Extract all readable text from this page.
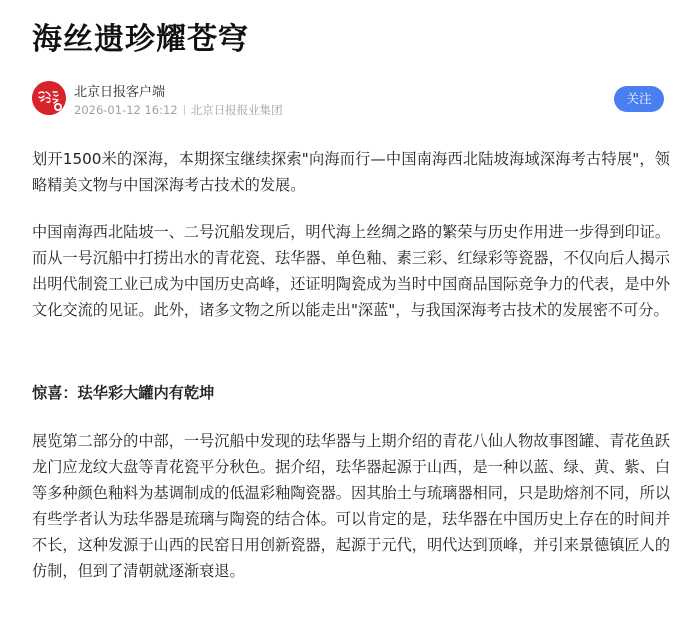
海丝遗珍耀苍穹
北京日报客户端
2026-01-12 16:12 北京日报报业集团
关注

划开1500米的深海，本期探宝继续探索"向海而行—中国南海西北陆坡海域深海考古特展"，领略精美文物与中国深海考古技术的发展。

中国南海西北陆坡一、二号沉船发现后，明代海上丝绸之路的繁荣与历史作用进一步得到印证。而从一号沉船中打捞出水的青花瓷、珐华器、单色釉、素三彩、红绿彩等瓷器，不仅向后人揭示出明代制瓷工业已成为中国历史高峰，还证明陶瓷成为当时中国商品国际竞争力的代表，是中外文化交流的见证。此外，诸多文物之所以能走出"深蓝"，与我国深海考古技术的发展密不可分。

惊喜：珐华彩大罐内有乾坤

展览第二部分的中部，一号沉船中发现的珐华器与上期介绍的青花八仙人物故事图罐、青花鱼跃龙门应龙纹大盘等青花瓷平分秋色。据介绍，珐华器起源于山西，是一种以蓝、绿、黄、紫、白等多种颜色釉料为基调制成的低温彩釉陶瓷器。因其胎土与琉璃器相同，只是助熔剂不同，所以有些学者认为珐华器是琉璃与陶瓷的结合体。可以肯定的是，珐华器在中国历史上存在的时间并不长，这种发源于山西的民窑日用创新瓷器，起源于元代，明代达到顶峰，并引来景德镇匠人的仿制，但到了清朝就逐渐衰退。
